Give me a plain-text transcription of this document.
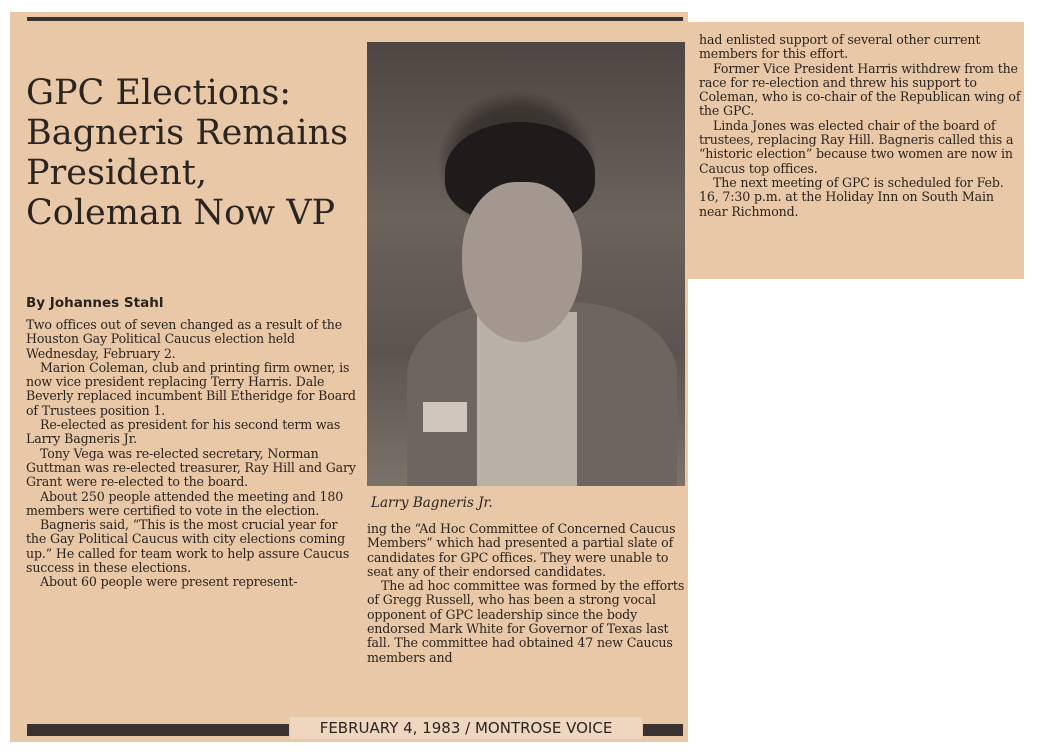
GPC Elections: Bagneris Remains President, Coleman Now VP
By Johannes Stahl

Two offices out of seven changed as a result of the Houston Gay Political Caucus election held Wednesday, February 2.

Marion Coleman, club and printing firm owner, is now vice president replacing Terry Harris. Dale Beverly replaced incumbent Bill Etheridge for Board of Trustees position 1.

Re-elected as president for his second term was Larry Bagneris Jr.

Tony Vega was re-elected secretary, Norman Guttman was re-elected treasurer, Ray Hill and Gary Grant were re-elected to the board.

About 250 people attended the meeting and 180 members were certified to vote in the election.

Bagneris said, “This is the most crucial year for the Gay Political Caucus with city elections coming up.” He called for team work to help assure Caucus success in these elections.

About 60 people were present represent-

Larry Bagneris Jr.

ing the “Ad Hoc Committee of Concerned Caucus Members” which had presented a partial slate of candidates for GPC offices. They were unable to seat any of their endorsed candidates.

The ad hoc committee was formed by the efforts of Gregg Russell, who has been a strong vocal opponent of GPC leadership since the body endorsed Mark White for Governor of Texas last fall. The committee had obtained 47 new Caucus members and

FEBRUARY 4, 1983 / MONTROSE VOICE

had enlisted support of several other current members for this effort.

Former Vice President Harris withdrew from the race for re-election and threw his support to Coleman, who is co-chair of the Republican wing of the GPC.

Linda Jones was elected chair of the board of trustees, replacing Ray Hill. Bagneris called this a “historic election” because two women are now in Caucus top offices.

The next meeting of GPC is scheduled for Feb. 16, 7:30 p.m. at the Holiday Inn on South Main near Richmond.
